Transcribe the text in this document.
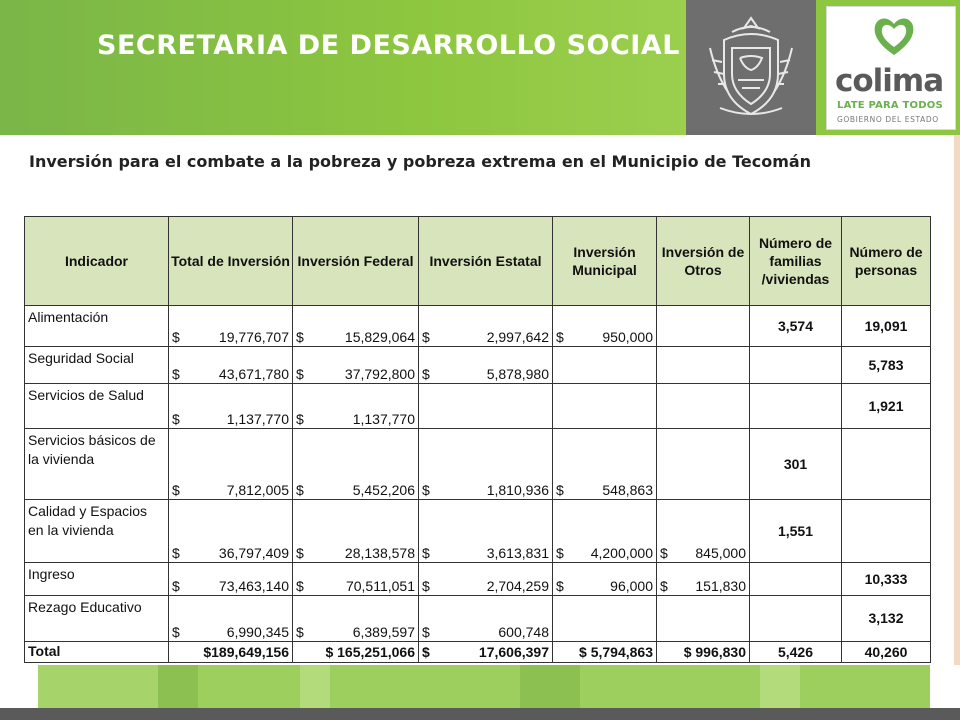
SECRETARIA DE DESARROLLO SOCIAL
colima
LATE PARA TODOS
GOBIERNO DEL ESTADO
Inversión para el combate a la pobreza y pobreza extrema en el Municipio de Tecomán
Indicador	Total de Inversión	Inversión Federal	Inversión Estatal	Inversión Municipal	Inversión de Otros	Número de familias /viviendas	Número de personas
Alimentación	$ 19,776,707	$ 15,829,064	$ 2,997,642	$ 950,000		3,574	19,091
Seguridad Social	$ 43,671,780	$ 37,792,800	$ 5,878,980				5,783
Servicios de Salud	$ 1,137,770	$ 1,137,770					1,921
Servicios básicos de la vivienda	$ 7,812,005	$ 5,452,206	$ 1,810,936	$ 548,863		301	
Calidad y Espacios en la vivienda	$ 36,797,409	$ 28,138,578	$ 3,613,831	$ 4,200,000	$ 845,000	1,551	
Ingreso	$ 73,463,140	$ 70,511,051	$ 2,704,259	$ 96,000	$ 151,830		10,333
Rezago Educativo	$ 6,990,345	$ 6,389,597	$ 600,748				3,132
Total	$189,649,156	$ 165,251,066	$ 17,606,397	$ 5,794,863	$ 996,830	5,426	40,260
